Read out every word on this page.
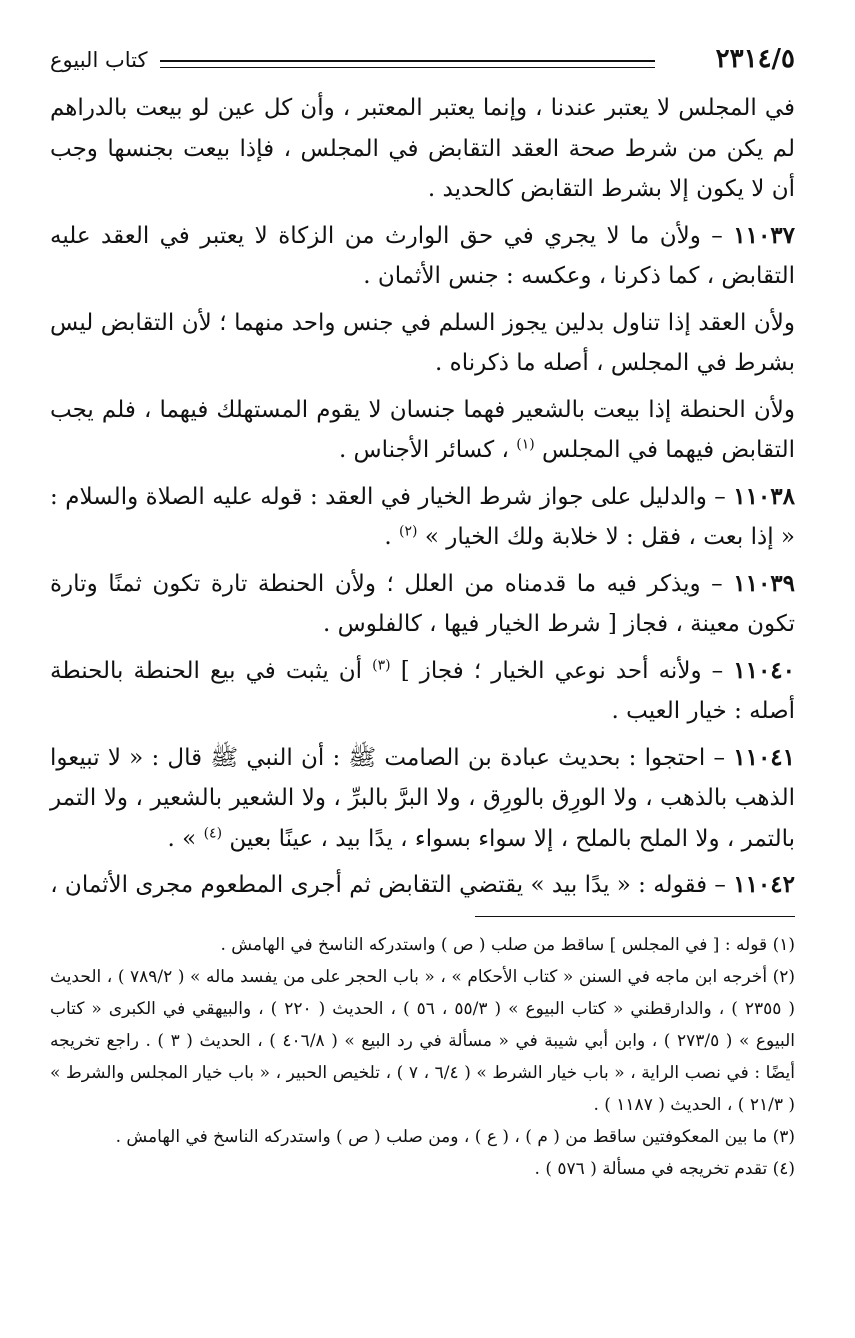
٢٣١٤/٥
كتاب البيوع

في المجلس لا يعتبر عندنا ، وإنما يعتبر المعتبر ، وأن كل عين لو بيعت بالدراهم لم يكن من شرط صحة العقد التقابض في المجلس ، فإذا بيعت بجنسها وجب أن لا يكون إلا بشرط التقابض كالحديد .

١١٠٣٧ – ولأن ما لا يجري في حق الوارث من الزكاة لا يعتبر في العقد عليه التقابض ، كما ذكرنا ، وعكسه : جنس الأثمان .

ولأن العقد إذا تناول بدلين يجوز السلم في جنس واحد منهما ؛ لأن التقابض ليس بشرط في المجلس ، أصله ما ذكرناه .

ولأن الحنطة إذا بيعت بالشعير فهما جنسان لا يقوم المستهلك فيهما ، فلم يجب التقابض فيهما في المجلس $^{(١)}$ ، كسائر الأجناس .

١١٠٣٨ – والدليل على جواز شرط الخيار في العقد : قوله عليه الصلاة والسلام : « إذا بعت ، فقل : لا خلابة ولك الخيار » $^{(٢)}$ .

١١٠٣٩ – ويذكر فيه ما قدمناه من العلل ؛ ولأن الحنطة تارة تكون ثمنًا وتارة تكون معينة ، فجاز [ شرط الخيار فيها ، كالفلوس .

١١٠٤٠ – ولأنه أحد نوعي الخيار ؛ فجاز ] $^{(٣)}$ أن يثبت في بيع الحنطة بالحنطة أصله : خيار العيب .

١١٠٤١ – احتجوا : بحديث عبادة بن الصامت ﷺ : أن النبي ﷺ قال : « لا تبيعوا الذهب بالذهب ، ولا الورِق بالورِق ، ولا البرَّ بالبرِّ ، ولا الشعير بالشعير ، ولا التمر بالتمر ، ولا الملح بالملح ، إلا سواء بسواء ، يدًا بيد ، عينًا بعين $^{(٤)}$ » .

١١٠٤٢ – فقوله : « يدًا بيد » يقتضي التقابض ثم أجرى المطعوم مجرى الأثمان ،

(١) قوله : [ في المجلس ] ساقط من صلب ( ص ) واستدركه الناسخ في الهامش .

(٢) أخرجه ابن ماجه في السنن « كتاب الأحكام » ، « باب الحجر على من يفسد ماله » ( ٧٨٩/٢ ) ، الحديث ( ٢٣٥٥ ) ، والدارقطني « كتاب البيوع » ( ٥٥/٣ ، ٥٦ ) ، الحديث ( ٢٢٠ ) ، والبيهقي في الكبرى « كتاب البيوع » ( ٢٧٣/٥ ) ، وابن أبي شيبة في « مسألة في رد البيع » ( ٤٠٦/٨ ) ، الحديث ( ٣ ) . راجع تخريجه أيضًا : في نصب الراية ، « باب خيار الشرط » ( ٦/٤ ، ٧ ) ، تلخيص الحبير ، « باب خيار المجلس والشرط » ( ٢١/٣ ) ، الحديث ( ١١٨٧ ) .

(٣) ما بين المعكوفتين ساقط من ( م ) ، ( ع ) ، ومن صلب ( ص ) واستدركه الناسخ في الهامش .

(٤) تقدم تخريجه في مسألة ( ٥٧٦ ) .
